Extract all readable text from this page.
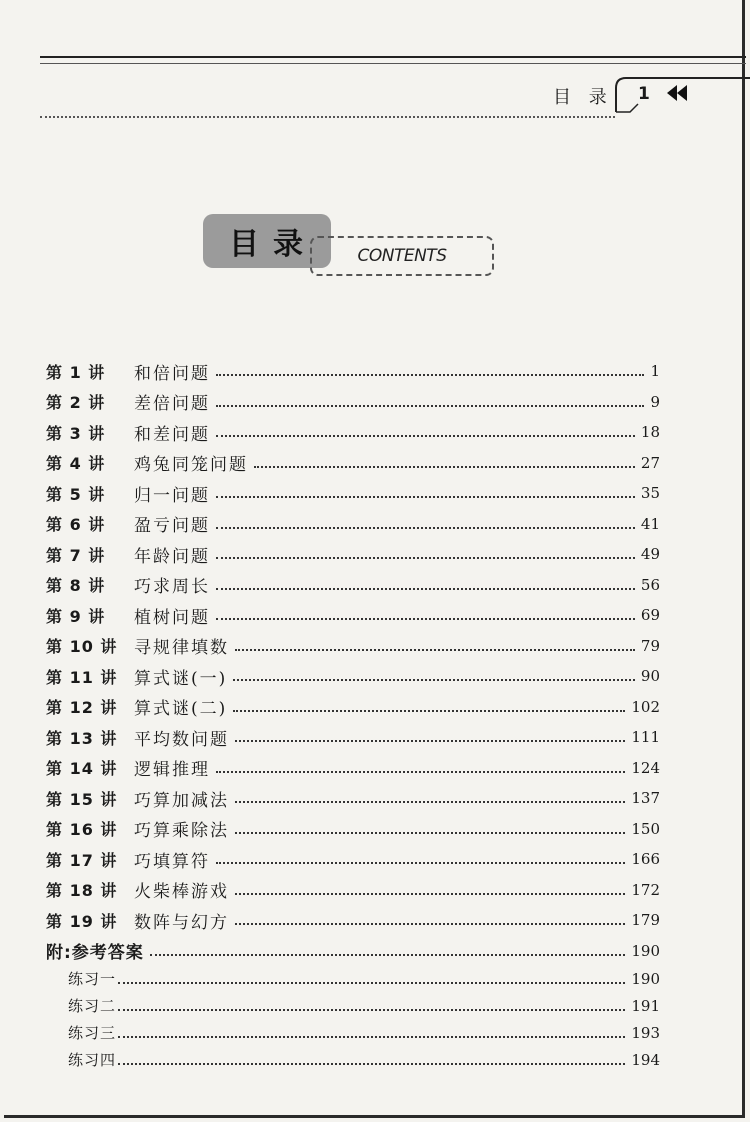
目 录 1
目录 CONTENTS
第 1 讲	和倍问题	1
第 2 讲	差倍问题	9
第 3 讲	和差问题	18
第 4 讲	鸡兔同笼问题	27
第 5 讲	归一问题	35
第 6 讲	盈亏问题	41
第 7 讲	年龄问题	49
第 8 讲	巧求周长	56
第 9 讲	植树问题	69
第 10 讲 寻规律填数	79
第 11 讲 算式谜(一)	90
第 12 讲 算式谜(二)	102
第 13 讲 平均数问题	111
第 14 讲 逻辑推理	124
第 15 讲 巧算加减法	137
第 16 讲 巧算乘除法	150
第 17 讲 巧填算符	166
第 18 讲 火柴棒游戏	172
第 19 讲 数阵与幻方	179
附:参考答案	190
练习一	190
练习二	191
练习三	193
练习四	194
